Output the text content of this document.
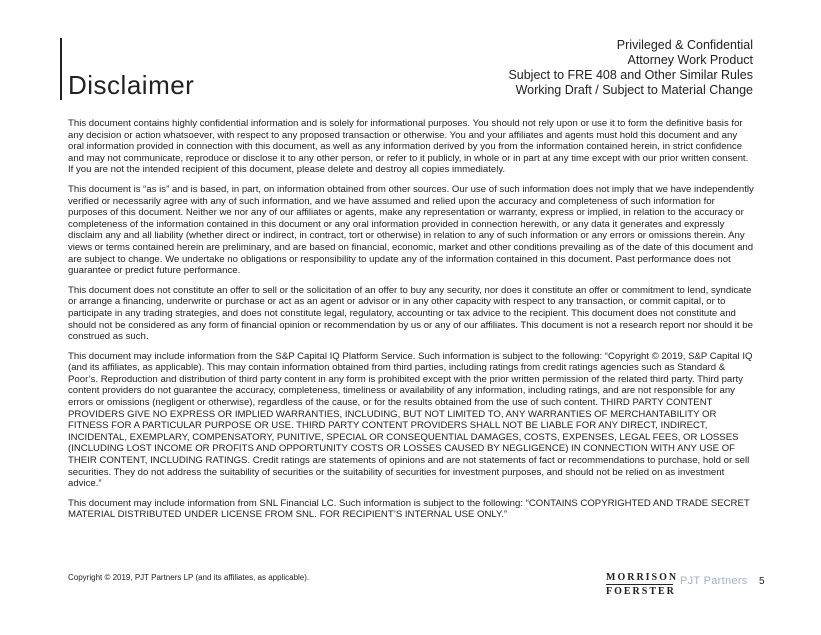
Disclaimer
Privileged & Confidential
Attorney Work Product
Subject to FRE 408 and Other Similar Rules
Working Draft / Subject to Material Change

This document contains highly confidential information and is solely for informational purposes. You should not rely upon or use it to form the definitive basis for any decision or action whatsoever, with respect to any proposed transaction or otherwise. You and your affiliates and agents must hold this document and any oral information provided in connection with this document, as well as any information derived by you from the information contained herein, in strict confidence and may not communicate, reproduce or disclose it to any other person, or refer to it publicly, in whole or in part at any time except with our prior written consent. If you are not the intended recipient of this document, please delete and destroy all copies immediately.

This document is “as is” and is based, in part, on information obtained from other sources. Our use of such information does not imply that we have independently verified or necessarily agree with any of such information, and we have assumed and relied upon the accuracy and completeness of such information for purposes of this document. Neither we nor any of our affiliates or agents, make any representation or warranty, express or implied, in relation to the accuracy or completeness of the information contained in this document or any oral information provided in connection herewith, or any data it generates and expressly disclaim any and all liability (whether direct or indirect, in contract, tort or otherwise) in relation to any of such information or any errors or omissions therein. Any views or terms contained herein are preliminary, and are based on financial, economic, market and other conditions prevailing as of the date of this document and are subject to change. We undertake no obligations or responsibility to update any of the information contained in this document. Past performance does not guarantee or predict future performance.

This document does not constitute an offer to sell or the solicitation of an offer to buy any security, nor does it constitute an offer or commitment to lend, syndicate or arrange a financing, underwrite or purchase or act as an agent or advisor or in any other capacity with respect to any transaction, or commit capital, or to participate in any trading strategies, and does not constitute legal, regulatory, accounting or tax advice to the recipient. This document does not constitute and should not be considered as any form of financial opinion or recommendation by us or any of our affiliates. This document is not a research report nor should it be construed as such.

This document may include information from the S&P Capital IQ Platform Service. Such information is subject to the following: “Copyright © 2019, S&P Capital IQ (and its affiliates, as applicable). This may contain information obtained from third parties, including ratings from credit ratings agencies such as Standard & Poor’s. Reproduction and distribution of third party content in any form is prohibited except with the prior written permission of the related third party. Third party content providers do not guarantee the accuracy, completeness, timeliness or availability of any information, including ratings, and are not responsible for any errors or omissions (negligent or otherwise), regardless of the cause, or for the results obtained from the use of such content. THIRD PARTY CONTENT PROVIDERS GIVE NO EXPRESS OR IMPLIED WARRANTIES, INCLUDING, BUT NOT LIMITED TO, ANY WARRANTIES OF MERCHANTABILITY OR FITNESS FOR A PARTICULAR PURPOSE OR USE. THIRD PARTY CONTENT PROVIDERS SHALL NOT BE LIABLE FOR ANY DIRECT, INDIRECT, INCIDENTAL, EXEMPLARY, COMPENSATORY, PUNITIVE, SPECIAL OR CONSEQUENTIAL DAMAGES, COSTS, EXPENSES, LEGAL FEES, OR LOSSES (INCLUDING LOST INCOME OR PROFITS AND OPPORTUNITY COSTS OR LOSSES CAUSED BY NEGLIGENCE) IN CONNECTION WITH ANY USE OF THEIR CONTENT, INCLUDING RATINGS. Credit ratings are statements of opinions and are not statements of fact or recommendations to purchase, hold or sell securities. They do not address the suitability of securities or the suitability of securities for investment purposes, and should not be relied on as investment advice.”

This document may include information from SNL Financial LC. Such information is subject to the following: “CONTAINS COPYRIGHTED AND TRADE SECRET MATERIAL DISTRIBUTED UNDER LICENSE FROM SNL. FOR RECIPIENT’S INTERNAL USE ONLY.”

Copyright © 2019, PJT Partners LP (and its affiliates, as applicable).	MORRISON
FOERSTER
PJT Partners 5
